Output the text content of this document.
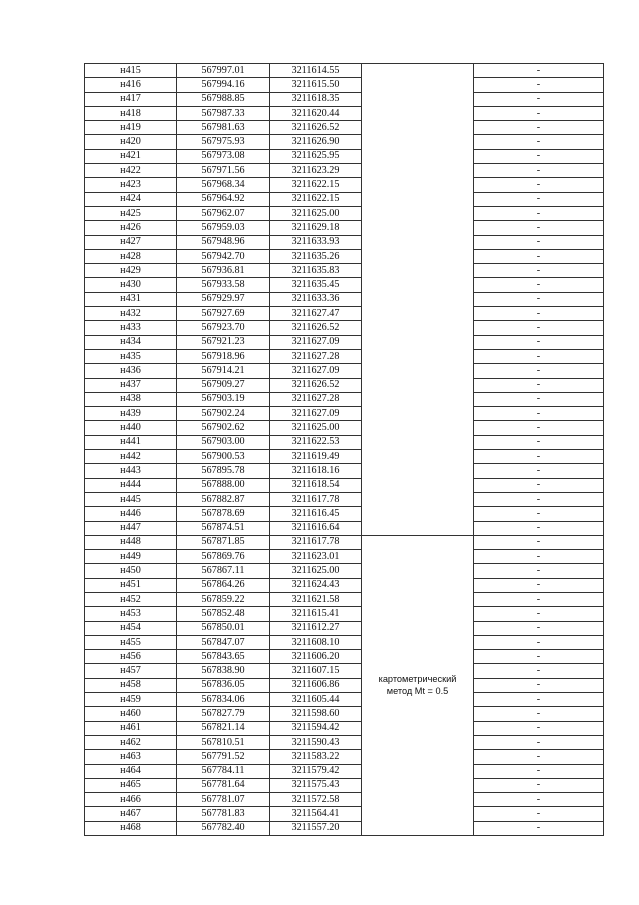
н415	567997.01	3211614.55		-
н416	567994.16	3211615.50		-
н417	567988.85	3211618.35		-
н418	567987.33	3211620.44		-
н419	567981.63	3211626.52		-
н420	567975.93	3211626.90		-
н421	567973.08	3211625.95		-
н422	567971.56	3211623.29		-
н423	567968.34	3211622.15		-
н424	567964.92	3211622.15		-
н425	567962.07	3211625.00		-
н426	567959.03	3211629.18		-
н427	567948.96	3211633.93		-
н428	567942.70	3211635.26		-
н429	567936.81	3211635.83		-
н430	567933.58	3211635.45		-
н431	567929.97	3211633.36		-
н432	567927.69	3211627.47		-
н433	567923.70	3211626.52		-
н434	567921.23	3211627.09		-
н435	567918.96	3211627.28		-
н436	567914.21	3211627.09		-
н437	567909.27	3211626.52		-
н438	567903.19	3211627.28		-
н439	567902.24	3211627.09		-
н440	567902.62	3211625.00		-
н441	567903.00	3211622.53		-
н442	567900.53	3211619.49		-
н443	567895.78	3211618.16		-
н444	567888.00	3211618.54		-
н445	567882.87	3211617.78		-
н446	567878.69	3211616.45		-
н447	567874.51	3211616.64		-
н448	567871.85	3211617.78	картометрический
метод Mt = 0.5	-
н449	567869.76	3211623.01		-
н450	567867.11	3211625.00		-
н451	567864.26	3211624.43		-
н452	567859.22	3211621.58		-
н453	567852.48	3211615.41		-
н454	567850.01	3211612.27		-
н455	567847.07	3211608.10		-
н456	567843.65	3211606.20		-
н457	567838.90	3211607.15		-
н458	567836.05	3211606.86		-
н459	567834.06	3211605.44		-
н460	567827.79	3211598.60		-
н461	567821.14	3211594.42		-
н462	567810.51	3211590.43		-
н463	567791.52	3211583.22		-
н464	567784.11	3211579.42		-
н465	567781.64	3211575.43		-
н466	567781.07	3211572.58		-
н467	567781.83	3211564.41		-
н468	567782.40	3211557.20		-
